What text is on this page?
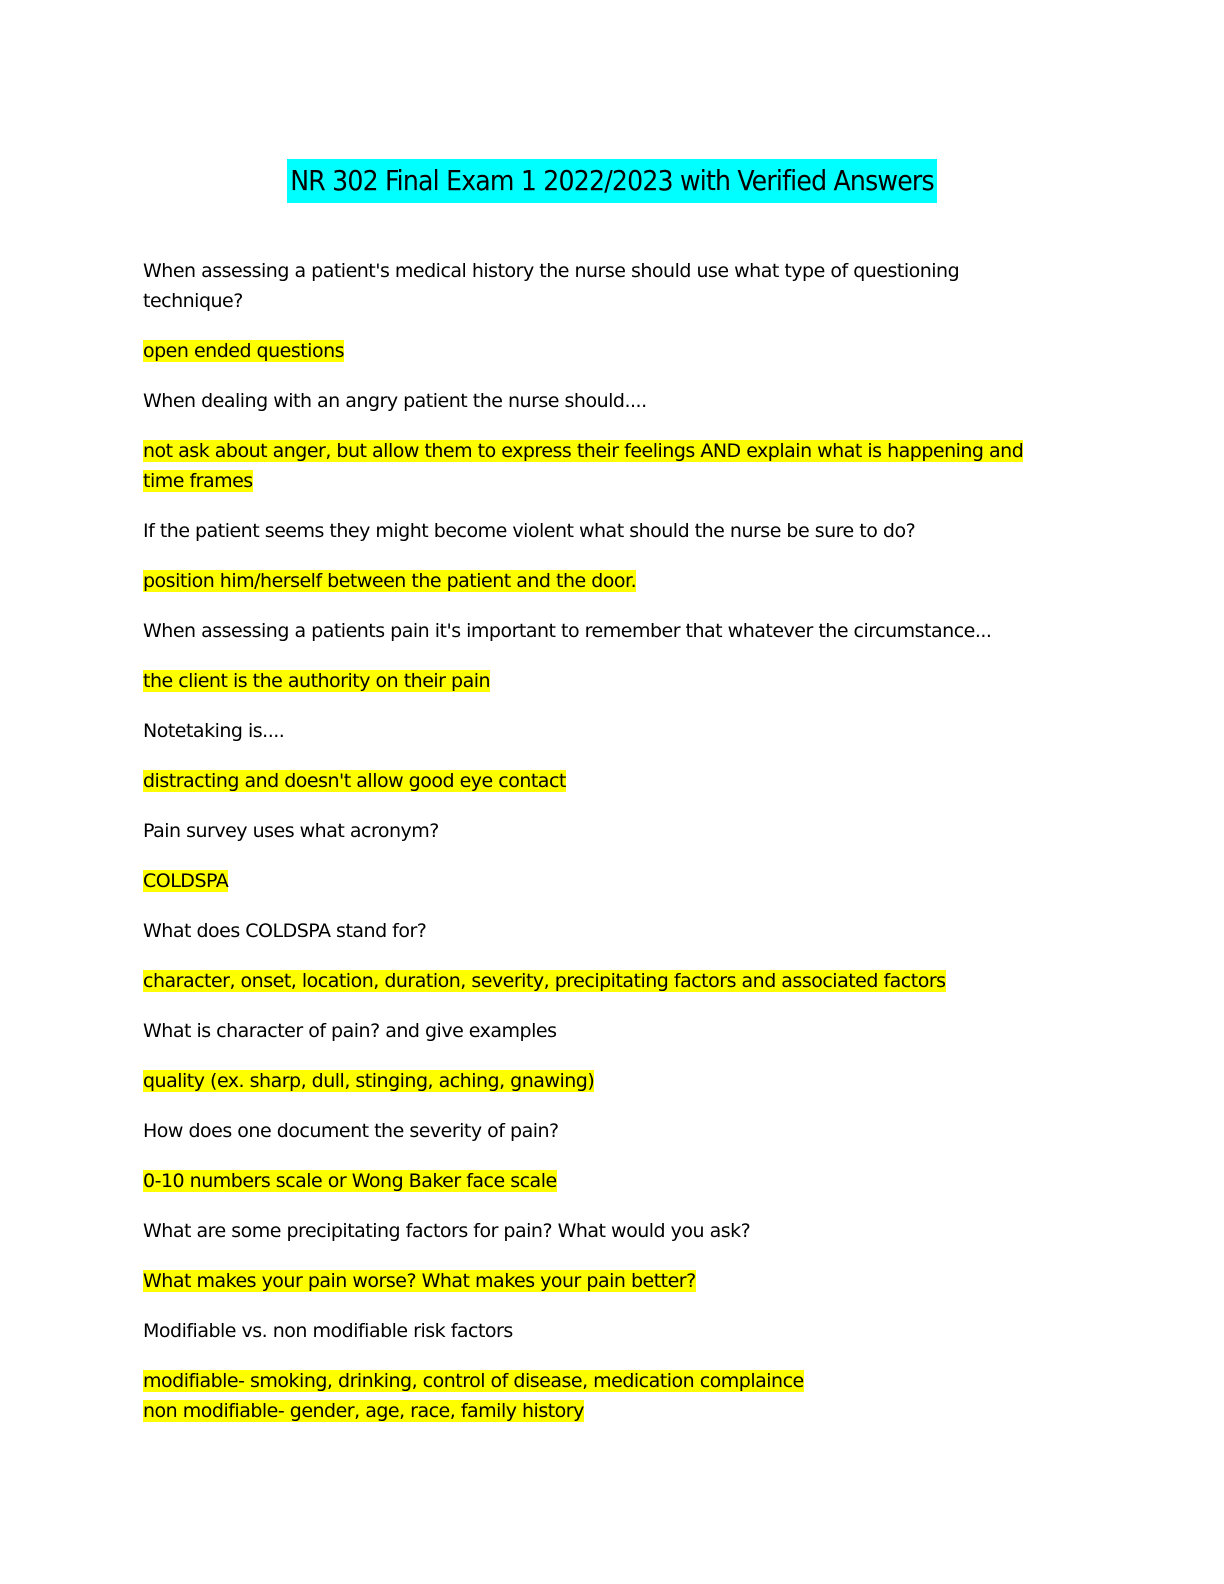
NR 302 Final Exam 1 2022/2023 with Verified Answers

When assessing a patient's medical history the nurse should use what type of questioning technique?

open ended questions

When dealing with an angry patient the nurse should....

not ask about anger, but allow them to express their feelings AND explain what is happening and time frames

If the patient seems they might become violent what should the nurse be sure to do?

position him/herself between the patient and the door.

When assessing a patients pain it's important to remember that whatever the circumstance...

the client is the authority on their pain

Notetaking is....

distracting and doesn't allow good eye contact

Pain survey uses what acronym?

COLDSPA

What does COLDSPA stand for?

character, onset, location, duration, severity, precipitating factors and associated factors

What is character of pain? and give examples

quality (ex. sharp, dull, stinging, aching, gnawing)

How does one document the severity of pain?

0-10 numbers scale or Wong Baker face scale

What are some precipitating factors for pain? What would you ask?

What makes your pain worse? What makes your pain better?

Modifiable vs. non modifiable risk factors

modifiable- smoking, drinking, control of disease, medication complaince
non modifiable- gender, age, race, family history
